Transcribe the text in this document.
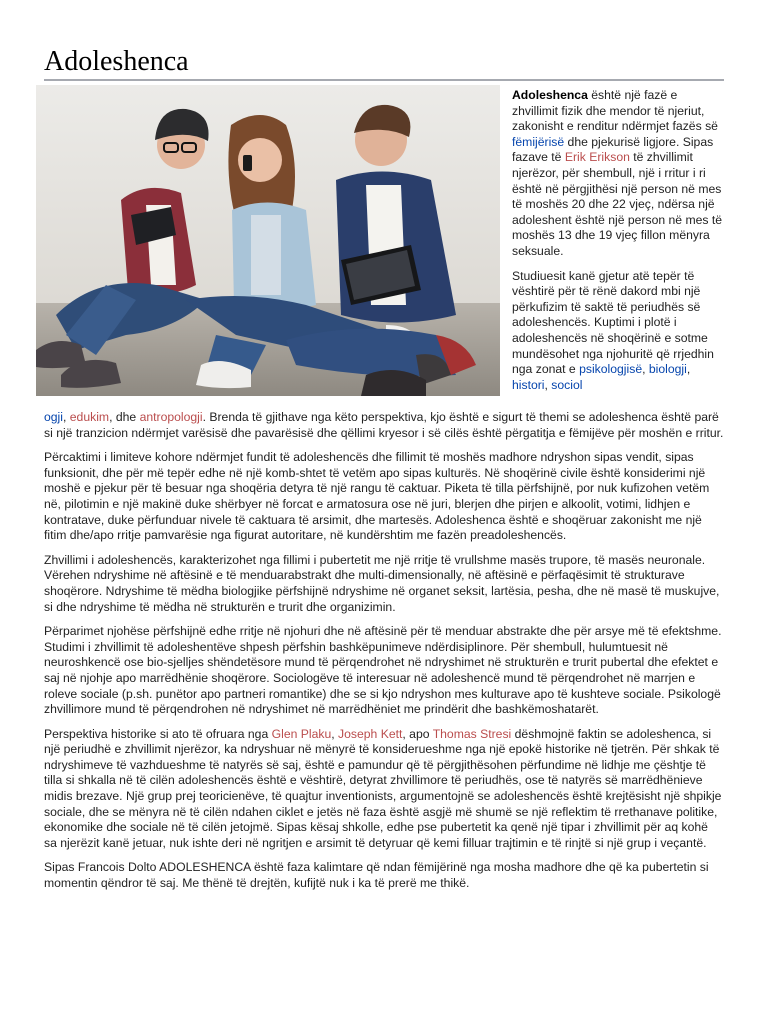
Adoleshenca

Adoleshenca është një fazë e zhvillimit fizik dhe mendor të njeriut, zakonisht e renditur ndërmjet fazës së fëmijërisë dhe pjekurisë ligjore. Sipas fazave të Erik Erikson të zhvillimit njerëzor, për shembull, një i rritur i ri është në përgjithësi një person në mes të moshës 20 dhe 22 vjeç, ndërsa një adoleshent është një person në mes të moshës 13 dhe 19 vjeç fillon mënyra seksuale.

Studiuesit kanë gjetur atë tepër të vështirë për të rënë dakord mbi një përkufizim të saktë të periudhës së adoleshencës. Kuptimi i plotë i adoleshencës në shoqërinë e sotme mundësohet nga njohuritë që rrjedhin nga zonat e psikologjisë, biologji, histori, sociol

ogji, edukim, dhe antropologji. Brenda të gjithave nga këto perspektiva, kjo është e sigurt të themi se adoleshenca është parë si një tranzicion ndërmjet varësisë dhe pavarësisë dhe qëllimi kryesor i së cilës është përgatitja e fëmijëve për moshën e rritur.

Përcaktimi i limiteve kohore ndërmjet fundit të adoleshencës dhe fillimit të moshës madhore ndryshon sipas vendit, sipas funksionit, dhe për më tepër edhe në një komb-shtet të vetëm apo sipas kulturës. Në shoqërinë civile është konsiderimi një moshë e pjekur për të besuar nga shoqëria detyra të një rangu të caktuar. Piketa të tilla përfshijnë, por nuk kufizohen vetëm në, pilotimin e një makinë duke shërbyer në forcat e armatosura ose në juri, blerjen dhe pirjen e alkoolit, votimi, lidhjen e kontratave, duke përfunduar nivele të caktuara të arsimit, dhe martesës. Adoleshenca është e shoqëruar zakonisht me një fitim dhe/apo rritje pamvarësie nga figurat autoritare, në kundërshtim me fazën preadoleshencës.

Zhvillimi i adoleshencës, karakterizohet nga fillimi i pubertetit me një rritje të vrullshme masës trupore, të masës neuronale. Vërehen ndryshime në aftësinë e të menduarabstrakt dhe multi-dimensionally, në aftësinë e përfaqësimit të strukturave shoqërore. Ndryshime të mëdha biologjike përfshijnë ndryshime në organet seksit, lartësia, pesha, dhe në masë të muskujve, si dhe ndryshime të mëdha në strukturën e trurit dhe organizimin.

Përparimet njohëse përfshijnë edhe rritje në njohuri dhe në aftësinë për të menduar abstrakte dhe për arsye më të efektshme. Studimi i zhvillimit të adoleshentëve shpesh përfshin bashkëpunimeve ndërdisiplinore. Për shembull, hulumtuesit në neuroshkencë ose bio-sjelljes shëndetësore mund të përqendrohet në ndryshimet në strukturën e trurit pubertal dhe efektet e saj në njohje apo marrëdhënie shoqërore. Sociologëve të interesuar në adoleshencë mund të përqendrohet në marrjen e roleve sociale (p.sh. punëtor apo partneri romantike) dhe se si kjo ndryshon mes kulturave apo të kushteve sociale. Psikologë zhvillimore mund të përqendrohen në ndryshimet në marrëdhëniet me prindërit dhe bashkëmoshatarët.

Perspektiva historike si ato të ofruara nga Glen Plaku, Joseph Kett, apo Thomas Stresi dëshmojnë faktin se adoleshenca, si një periudhë e zhvillimit njerëzor, ka ndryshuar në mënyrë të konsiderueshme nga një epokë historike në tjetrën. Për shkak të ndryshimeve të vazhdueshme të natyrës së saj, është e pamundur që të përgjithësohen përfundime në lidhje me çështje të tilla si shkalla në të cilën adoleshencës është e vështirë, detyrat zhvillimore të periudhës, ose të natyrës së marrëdhënieve midis brezave. Një grup prej teoricienëve, të quajtur inventionists, argumentojnë se adoleshencës është krejtësisht një shpikje sociale, dhe se mënyra në të cilën ndahen ciklet e jetës në faza është asgjë më shumë se një reflektim të rrethanave politike, ekonomike dhe sociale në të cilën jetojmë. Sipas kësaj shkolle, edhe pse pubertetit ka qenë një tipar i zhvillimit për aq kohë sa njerëzit kanë jetuar, nuk ishte deri në ngritjen e arsimit të detyruar që kemi filluar trajtimin e të rinjtë si një grup i veçantë.

Sipas Francois Dolto ADOLESHENCA është faza kalimtare që ndan fëmijërinë nga mosha madhore dhe që ka pubertetin si momentin qëndror të saj. Me thënë të drejtën, kufijtë nuk i ka të prerë me thikë.
